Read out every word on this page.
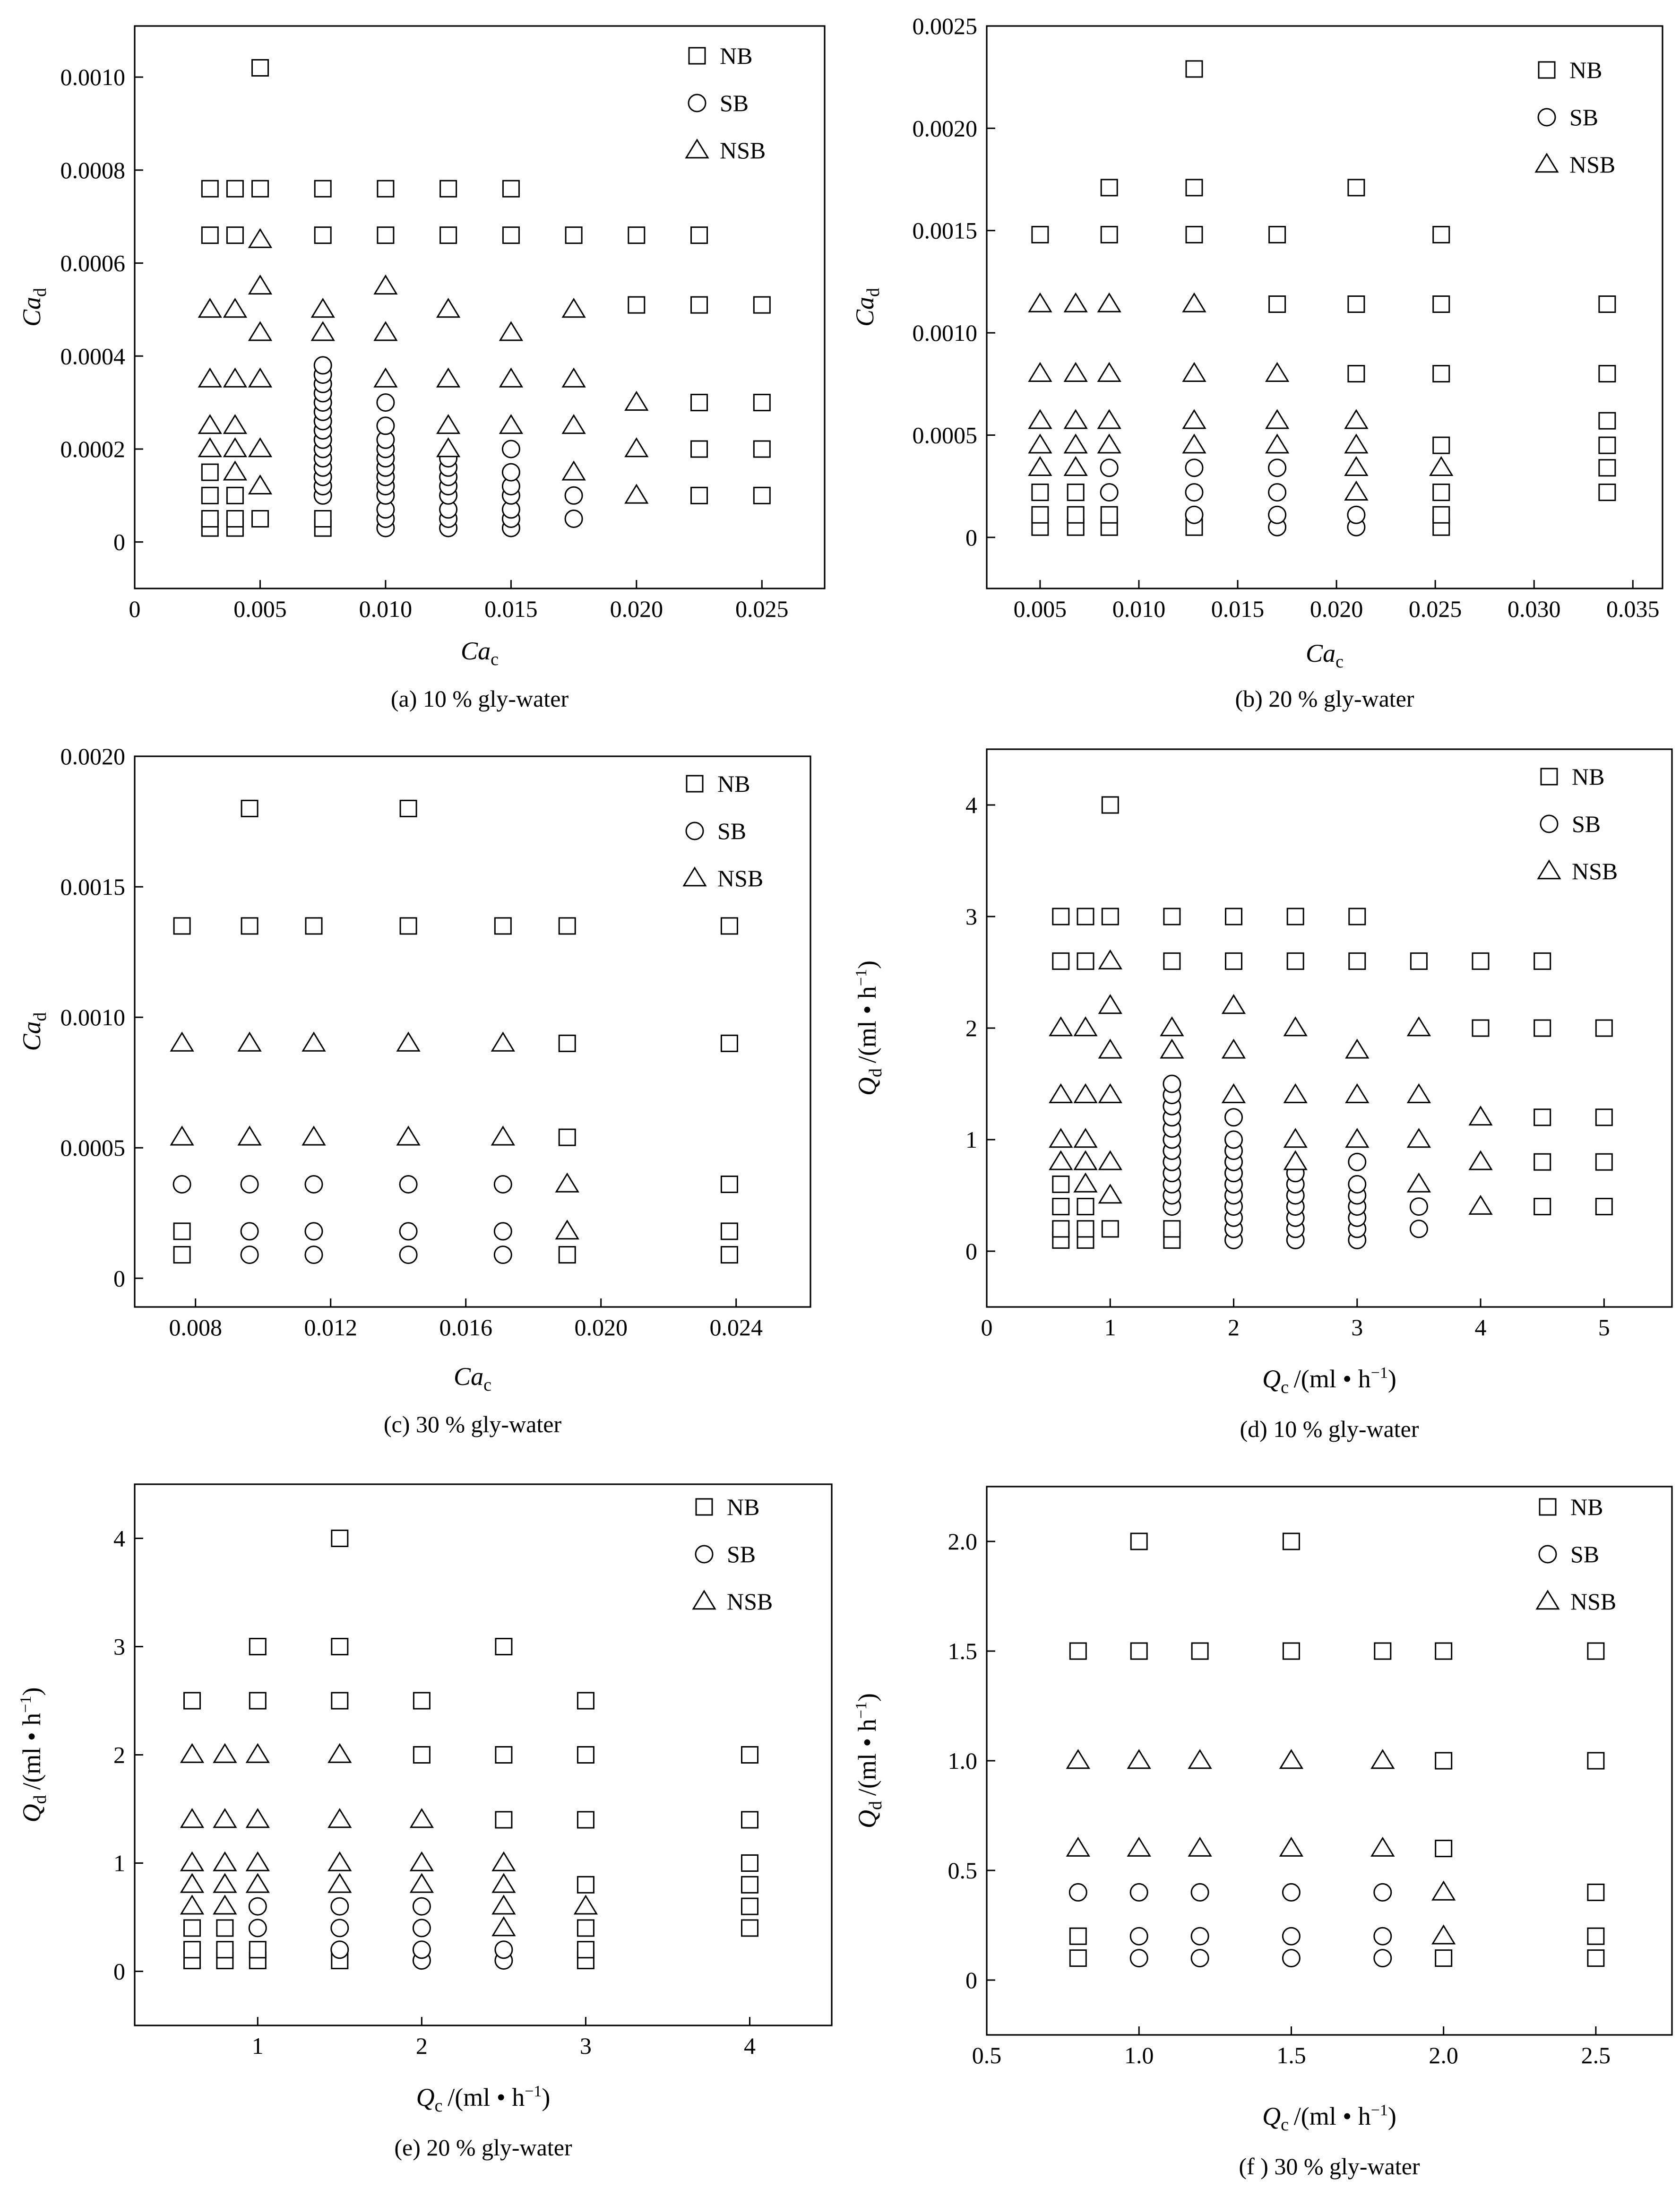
0	0.005	0.010	0.015	0.020	0.025
0
0.0002
0.0004
0.0006
0.0008
0.0010
$Ca_c$
$Ca_d$
NB
SB
NSB
(a) 10 % gly-water
0.005 0.010 0.015 0.020 0.025 0.030 0.035
0
0.0005
0.0010
0.0015
0.0020
0.0025
$Ca_c$
$Ca_d$
NB
SB
NSB
(b) 20 % gly-water
0.008	0.012	0.016	0.020	0.024
0
0.0005
0.0010
0.0015
0.0020
$Ca_c$
$Ca_d$
NB
SB
NSB
(c) 30 % gly-water
0	1	2	3	4	5
0
1
2
3
4
$Q_c$ /(ml • $h^{-1}$)
$Q_d$ /(ml • $h^{-1}$)
NB
SB
NSB
(d) 10 % gly-water
1	2	3	4
0
1
2
3
4
$Q_c$ /(ml • $h^{-1}$)
$Q_d$ /(ml • $h^{-1}$)
NB
SB
NSB
(e) 20 % gly-water
0.5	1.0	1.5	2.0	2.5
0
0.5
1.0
1.5
2.0
$Q_c$ /(ml • $h^{-1}$)
$Q_d$ /(ml • $h^{-1}$)
NB
SB
NSB
(f ) 30 % gly-water
